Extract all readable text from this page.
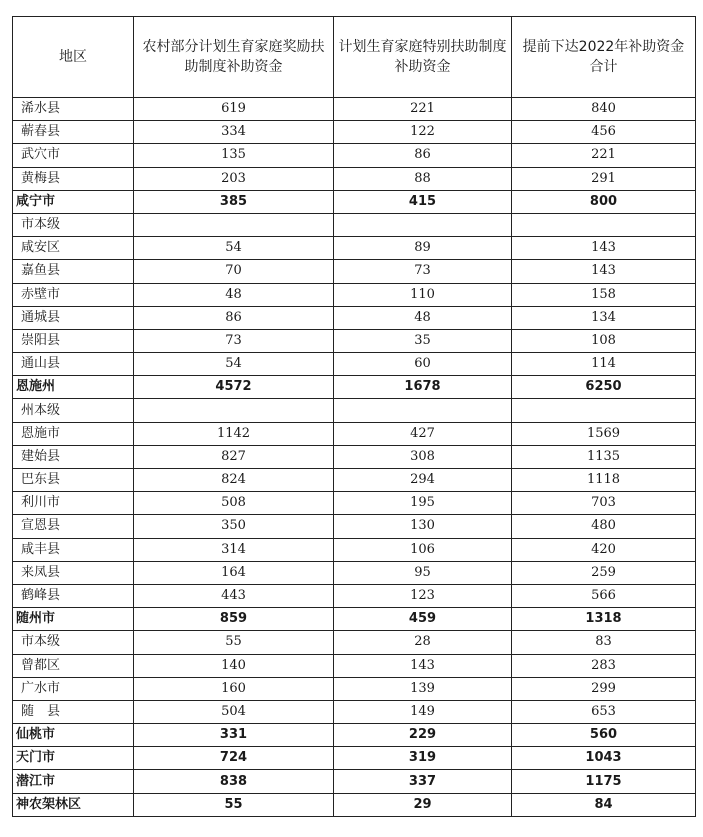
地区	农村部分计划生育家庭奖励扶助制度补助资金	计划生育家庭特别扶助制度补助资金	提前下达2022年补助资金合计
浠水县	619	221	840
蕲春县	334	122	456
武穴市	135	86	221
黄梅县	203	88	291
咸宁市	385	415	800
市本级			
咸安区	54	89	143
嘉鱼县	70	73	143
赤壁市	48	110	158
通城县	86	48	134
崇阳县	73	35	108
通山县	54	60	114
恩施州	4572	1678	6250
州本级			
恩施市	1142	427	1569
建始县	827	308	1135
巴东县	824	294	1118
利川市	508	195	703
宣恩县	350	130	480
咸丰县	314	106	420
来凤县	164	95	259
鹤峰县	443	123	566
随州市	859	459	1318
市本级	55	28	83
曾都区	140	143	283
广水市	160	139	299
随　县	504	149	653
仙桃市	331	229	560
天门市	724	319	1043
潜江市	838	337	1175
神农架林区	55	29	84
